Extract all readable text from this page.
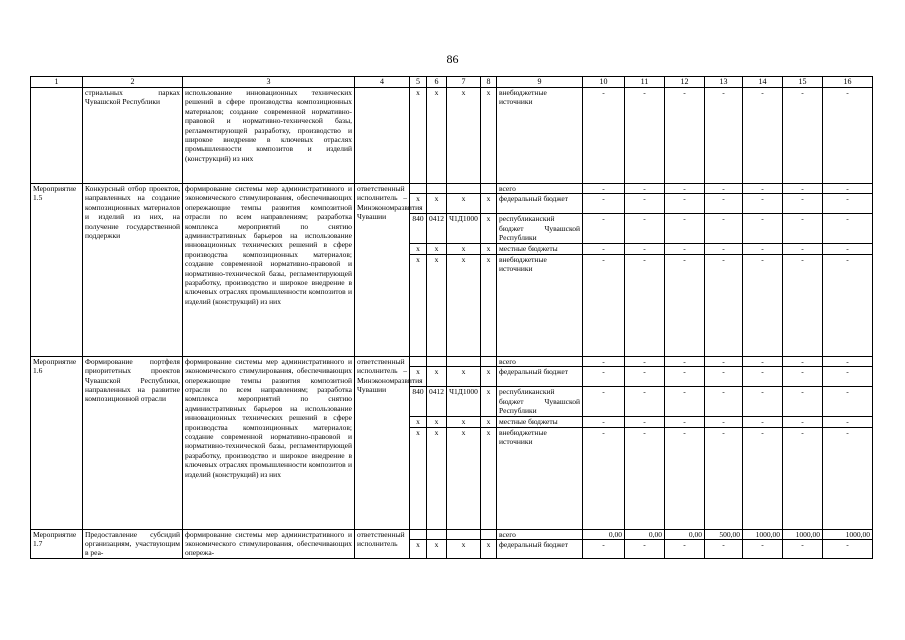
86
1	2	3	4	5	6	7	8	9	10	11	12	13	14	15	16
	стриальных парках Чувашской Республики	использование инновационных технических решений в сфере производства композиционных материалов; создание современной нормативно-правовой и нормативно-технической базы, регламентирующей разработку, производство и широкое внедрение в ключевых отраслях промышленности композитов и изделий (конструкций) из них		x	x	x	x	внебюджетные источники	-	-	-	-	-	-	-
Мероприятие 1.5	Конкурсный отбор проектов, направленных на создание композиционных материалов и изделий из них, на получение государственной поддержки	формирование системы мер административного и экономического стимулирования, обеспечивающих опережающие темпы развития композитной отрасли по всем направлениям; разработка комплекса мероприятий по снятию административных барьеров на использование инновационных технических решений в сфере производства композиционных материалов; создание современной нормативно-правовой и нормативно-технической базы, регламентирующей разработку, производство и широкое внедрение в ключевых отраслях промышленности композитов и изделий (конструкций) из них	ответственный исполнитель – Минэкономразвития Чувашии					всего	-	-	-	-	-	-	-
				x	x	x	x	федеральный бюджет	-	-	-	-	-	-	-
				840	0412	Ч1Д1000	x	республиканский бюджет Чувашской Республики	-	-	-	-	-	-	-
				x	x	x	x	местные бюджеты	-	-	-	-	-	-	-
				x	x	x	x	внебюджетные источники	-	-	-	-	-	-	-
Мероприятие 1.6	Формирование портфеля приоритетных проектов Чувашской Республики, направленных на развитие композиционной отрасли	формирование системы мер административного и экономического стимулирования, обеспечивающих опережающие темпы развития композитной отрасли по всем направлениям; разработка комплекса мероприятий по снятию административных барьеров на использование инновационных технических решений в сфере производства композиционных материалов; создание современной нормативно-правовой и нормативно-технической базы, регламентирующей разработку, производство и широкое внедрение в ключевых отраслях промышленности композитов и изделий (конструкций) из них	ответственный исполнитель – Минэкономразвития Чувашии					всего	-	-	-	-	-	-	-
				x	x	x	x	федеральный бюджет	-	-	-	-	-	-	-
				840	0412	Ч1Д1000	x	республиканский бюджет Чувашской Республики	-	-	-	-	-	-	-
				x	x	x	x	местные бюджеты	-	-	-	-	-	-	-
				x	x	x	x	внебюджетные источники	-	-	-	-	-	-	-
Мероприятие 1.7	Предоставление субсидий организациям, участвующим в реа-	формирование системы мер административного и экономического стимулирования, обеспечивающих опережа-	ответственный исполнитель					всего	0,00	0,00	0,00	500,00	1000,00	1000,00	1000,00
				x	x	x	x	федеральный бюджет	-	-	-	-	-	-	-
